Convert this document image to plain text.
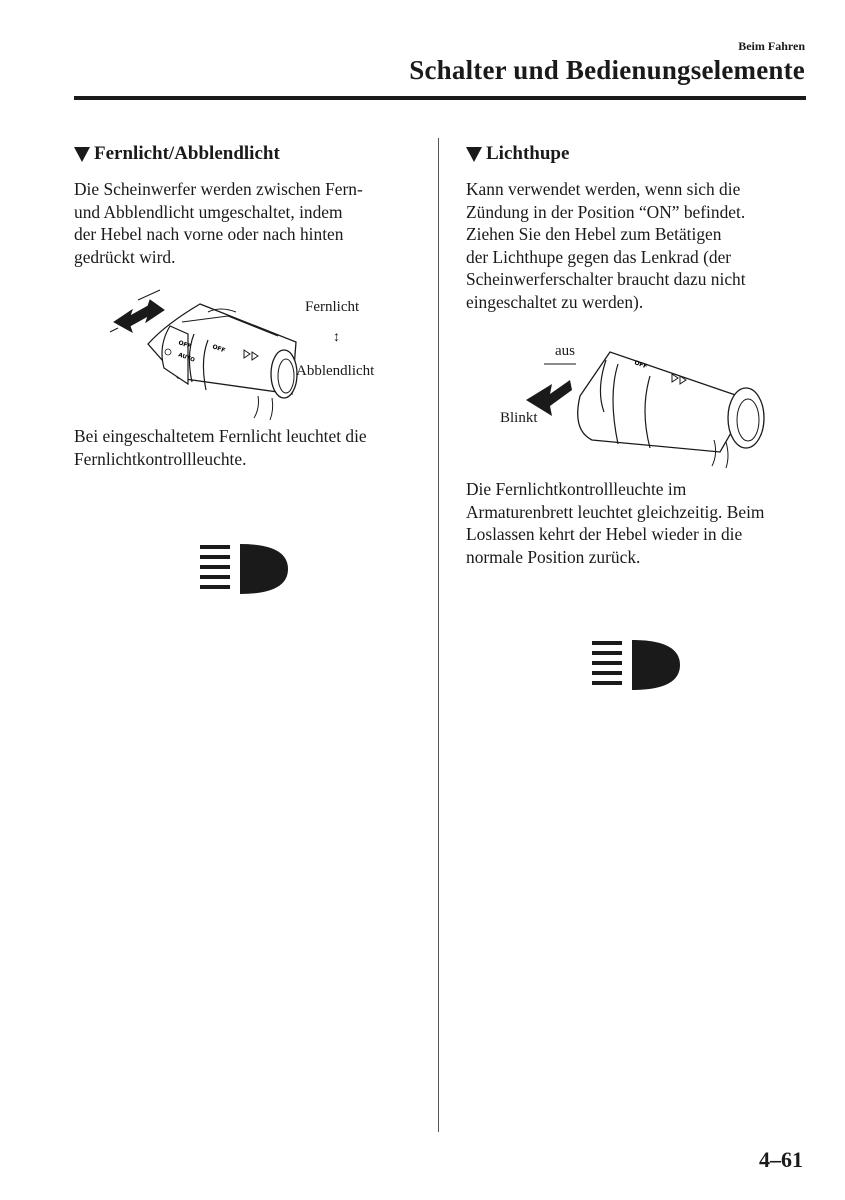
Beim Fahren
Schalter und Bedienungselemente
Fernlicht/Abblendlicht
Die Scheinwerfer werden zwischen Fern-
und Abblendlicht umgeschaltet, indem
der Hebel nach vorne oder nach hinten
gedrückt wird.
OFF
AUTO
OFF
Fernlicht
↕
Abblendlicht
Bei eingeschaltetem Fernlicht leuchtet die
Fernlichtkontrollleuchte.
Lichthupe
Kann verwendet werden, wenn sich die
Zündung in der Position “ON” befindet.
Ziehen Sie den Hebel zum Betätigen
der Lichthupe gegen das Lenkrad (der
Scheinwerferschalter braucht dazu nicht
eingeschaltet zu werden).
OFF
aus
Blinkt
Die Fernlichtkontrollleuchte im
Armaturenbrett leuchtet gleichzeitig. Beim
Loslassen kehrt der Hebel wieder in die
normale Position zurück.
4–61
